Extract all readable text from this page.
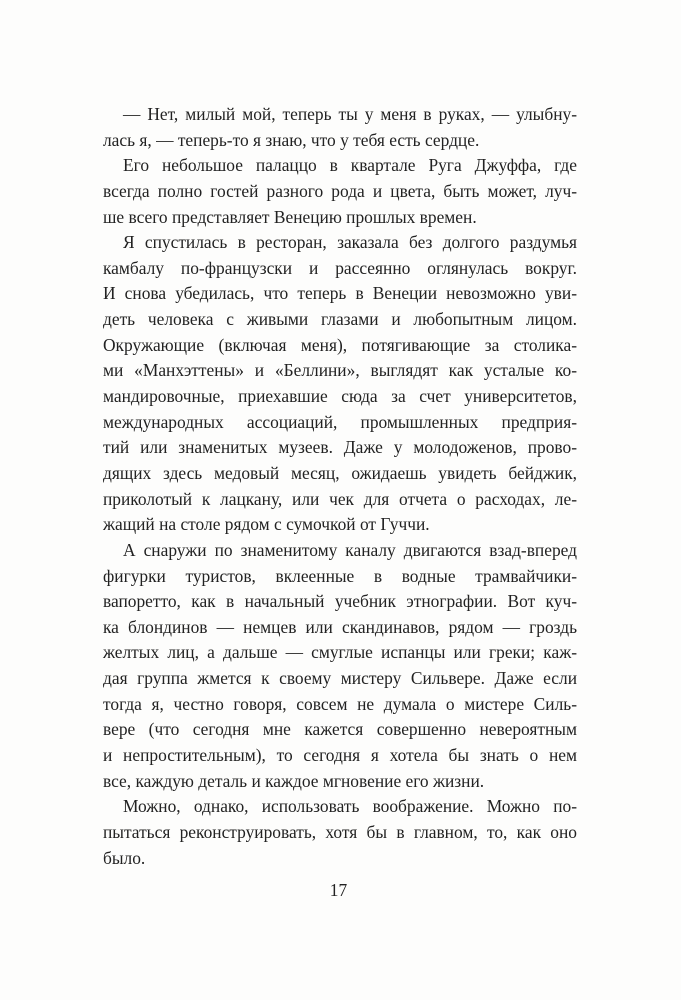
— Нет, милый мой, теперь ты у меня в руках, — улыбну-
лась я, — теперь-то я знаю, что у тебя есть сердце.
Его небольшое палаццо в квартале Руга Джуффа, где
всегда полно гостей разного рода и цвета, быть может, луч-
ше всего представляет Венецию прошлых времен.
Я спустилась в ресторан, заказала без долгого раздумья
камбалу по-французски и рассеянно оглянулась вокруг.
И снова убедилась, что теперь в Венеции невозможно уви-
деть человека с живыми глазами и любопытным лицом.
Окружающие (включая меня), потягивающие за столика-
ми «Манхэттены» и «Беллини», выглядят как усталые ко-
мандировочные, приехавшие сюда за счет университетов,
международных ассоциаций, промышленных предприя-
тий или знаменитых музеев. Даже у молодоженов, прово-
дящих здесь медовый месяц, ожидаешь увидеть бейджик,
приколотый к лацкану, или чек для отчета о расходах, ле-
жащий на столе рядом с сумочкой от Гуччи.
А снаружи по знаменитому каналу двигаются взад-вперед
фигурки туристов, вклеенные в водные трамвайчики-
вапоретто, как в начальный учебник этнографии. Вот куч-
ка блондинов — немцев или скандинавов, рядом — гроздь
желтых лиц, а дальше — смуглые испанцы или греки; каж-
дая группа жмется к своему мистеру Сильвере. Даже если
тогда я, честно говоря, совсем не думала о мистере Силь-
вере (что сегодня мне кажется совершенно невероятным
и непростительным), то сегодня я хотела бы знать о нем
все, каждую деталь и каждое мгновение его жизни.
Можно, однако, использовать воображение. Можно по-
пытаться реконструировать, хотя бы в главном, то, как оно
было.
17
